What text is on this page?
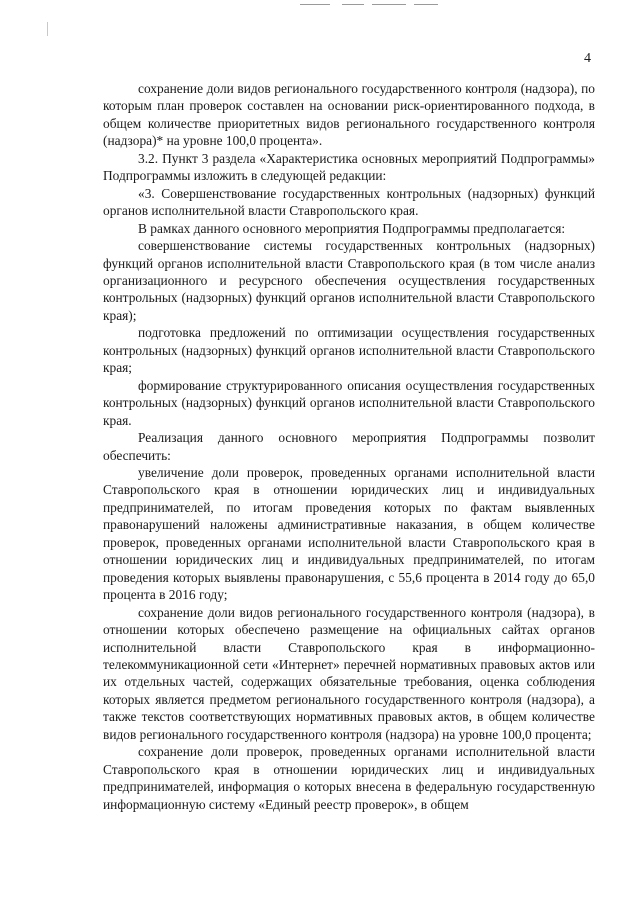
4

сохранение доли видов регионального государственного контроля (надзора), по которым план проверок составлен на основании риск-ориентированного подхода, в общем количестве приоритетных видов регионального государственного контроля (надзора)* на уровне 100,0 процента».

3.2. Пункт 3 раздела «Характеристика основных мероприятий Подпрограммы» Подпрограммы изложить в следующей редакции:

«3. Совершенствование государственных контрольных (надзорных) функций органов исполнительной власти Ставропольского края.

В рамках данного основного мероприятия Подпрограммы предполагается:

совершенствование системы государственных контрольных (надзорных) функций органов исполнительной власти Ставропольского края (в том числе анализ организационного и ресурсного обеспечения осуществления государственных контрольных (надзорных) функций органов исполнительной власти Ставропольского края);

подготовка предложений по оптимизации осуществления государственных контрольных (надзорных) функций органов исполнительной власти Ставропольского края;

формирование структурированного описания осуществления государственных контрольных (надзорных) функций органов исполнительной власти Ставропольского края.

Реализация данного основного мероприятия Подпрограммы позволит обеспечить:

увеличение доли проверок, проведенных органами исполнительной власти Ставропольского края в отношении юридических лиц и индивидуальных предпринимателей, по итогам проведения которых по фактам выявленных правонарушений наложены административные наказания, в общем количестве проверок, проведенных органами исполнительной власти Ставропольского края в отношении юридических лиц и индивидуальных предпринимателей, по итогам проведения которых выявлены правонарушения, с 55,6 процента в 2014 году до 65,0 процента в 2016 году;

сохранение доли видов регионального государственного контроля (надзора), в отношении которых обеспечено размещение на официальных сайтах органов исполнительной власти Ставропольского края в информационно-телекоммуникационной сети «Интернет» перечней нормативных правовых актов или их отдельных частей, содержащих обязательные требования, оценка соблюдения которых является предметом регионального государственного контроля (надзора), а также текстов соответствующих нормативных правовых актов, в общем количестве видов регионального государственного контроля (надзора) на уровне 100,0 процента;

сохранение доли проверок, проведенных органами исполнительной власти Ставропольского края в отношении юридических лиц и индивидуальных предпринимателей, информация о которых внесена в федеральную государственную информационную систему «Единый реестр проверок», в общем
